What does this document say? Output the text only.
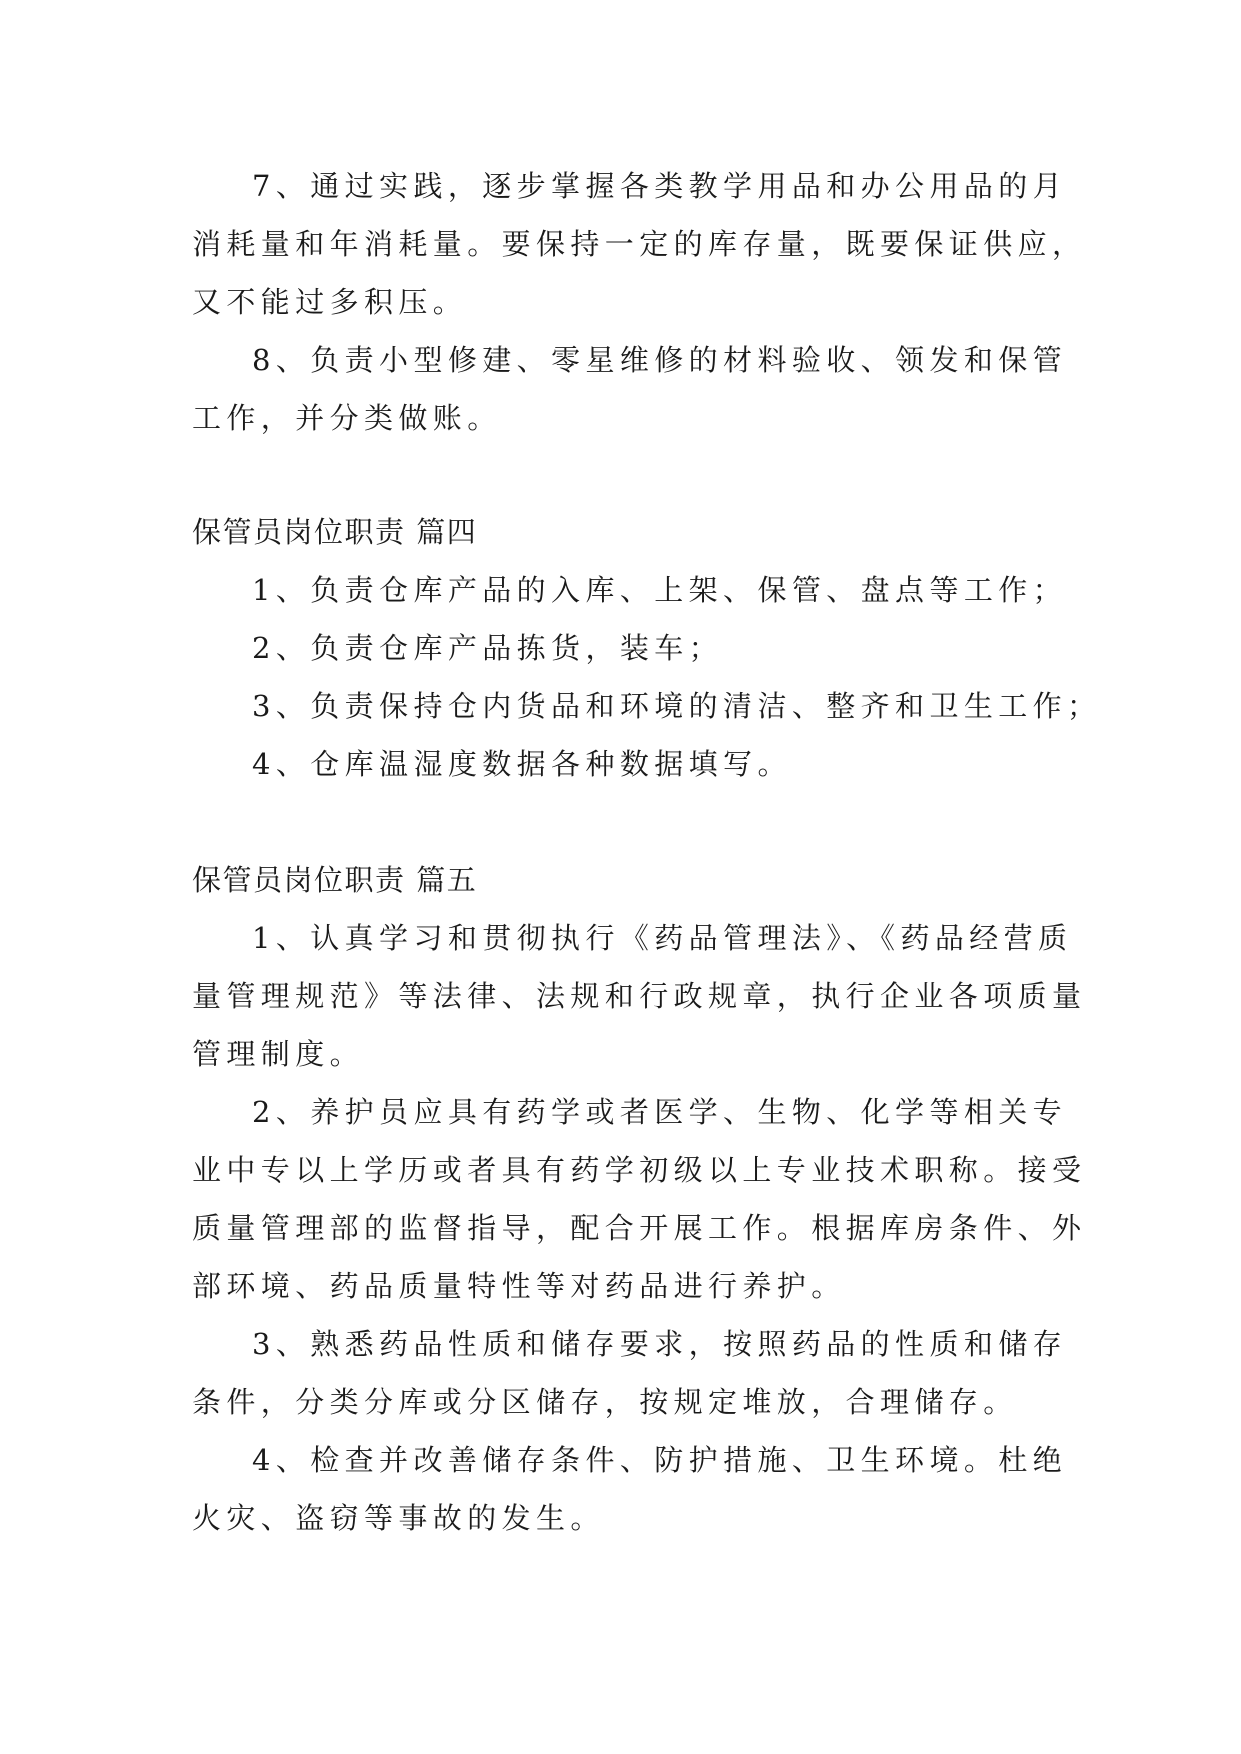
7、通过实践，逐步掌握各类教学用品和办公用品的月
消耗量和年消耗量。要保持一定的库存量，既要保证供应，
又不能过多积压。
8、负责小型修建、零星维修的材料验收、领发和保管
工作，并分类做账。
保管员岗位职责 篇四
1、负责仓库产品的入库、上架、保管、盘点等工作；
2、负责仓库产品拣货，装车；
3、负责保持仓内货品和环境的清洁、整齐和卫生工作；
4、仓库温湿度数据各种数据填写。
保管员岗位职责 篇五
1、认真学习和贯彻执行《药品管理法》、《药品经营质
量管理规范》等法律、法规和行政规章，执行企业各项质量
管理制度。
2、养护员应具有药学或者医学、生物、化学等相关专
业中专以上学历或者具有药学初级以上专业技术职称。接受
质量管理部的监督指导，配合开展工作。根据库房条件、外
部环境、药品质量特性等对药品进行养护。
3、熟悉药品性质和储存要求，按照药品的性质和储存
条件，分类分库或分区储存，按规定堆放，合理储存。
4、检查并改善储存条件、防护措施、卫生环境。杜绝
火灾、盗窃等事故的发生。
